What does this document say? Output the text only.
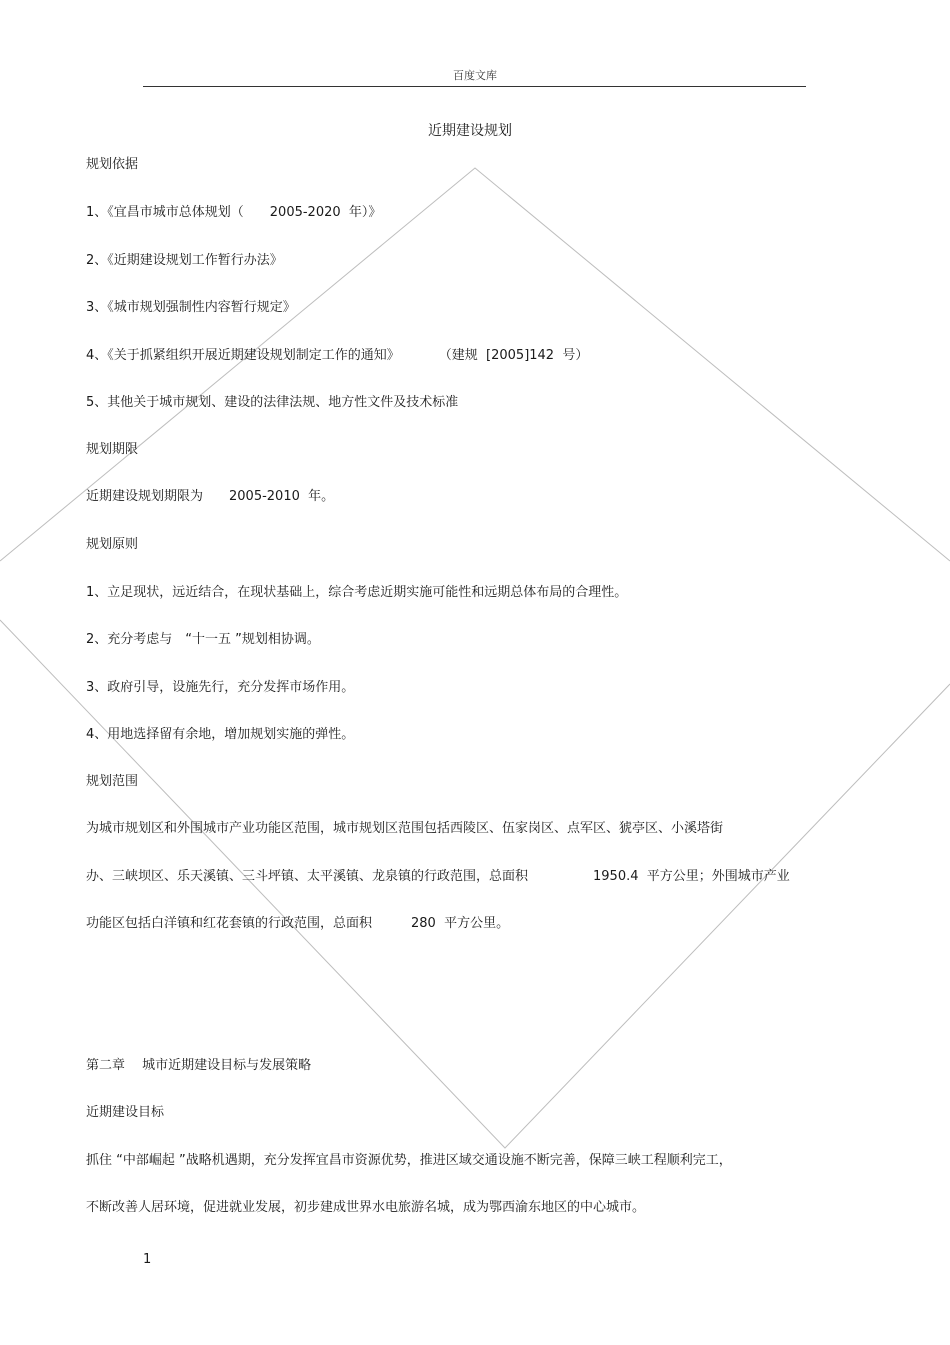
百度文库
近期建设规划
规划依据
1、《宜昌市城市总体规划（　　2005-2020  年）》
2、《近期建设规划工作暂行办法》
3、《城市规划强制性内容暂行规定》
4、《关于抓紧组织开展近期建设规划制定工作的通知》　　　　（建规  [2005]142  号）
5、其他关于城市规划、建设的法律法规、地方性文件及技术标准
规划期限
近期建设规划期限为　　2005-2010  年。
规划原则
1、立足现状，远近结合，在现状基础上，综合考虑近期实施可能性和远期总体布局的合理性。
2、充分考虑与　“十一五 ”规划相协调。
3、政府引导，设施先行，充分发挥市场作用。
4、用地选择留有余地，增加规划实施的弹性。
规划范围
为城市规划区和外围城市产业功能区范围，城市规划区范围包括西陵区、伍家岗区、点军区、猇亭区、小溪塔街
办、三峡坝区、乐天溪镇、三斗坪镇、太平溪镇、龙泉镇的行政范围，总面积　　　　　1950.4  平方公里；外围城市产业
功能区包括白洋镇和红花套镇的行政范围，总面积　　　280  平方公里。
第二章　 城市近期建设目标与发展策略
近期建设目标
抓住 “中部崛起 ”战略机遇期，充分发挥宜昌市资源优势，推进区域交通设施不断完善，保障三峡工程顺利完工，
不断改善人居环境，促进就业发展，初步建成世界水电旅游名城，成为鄂西渝东地区的中心城市。
1
